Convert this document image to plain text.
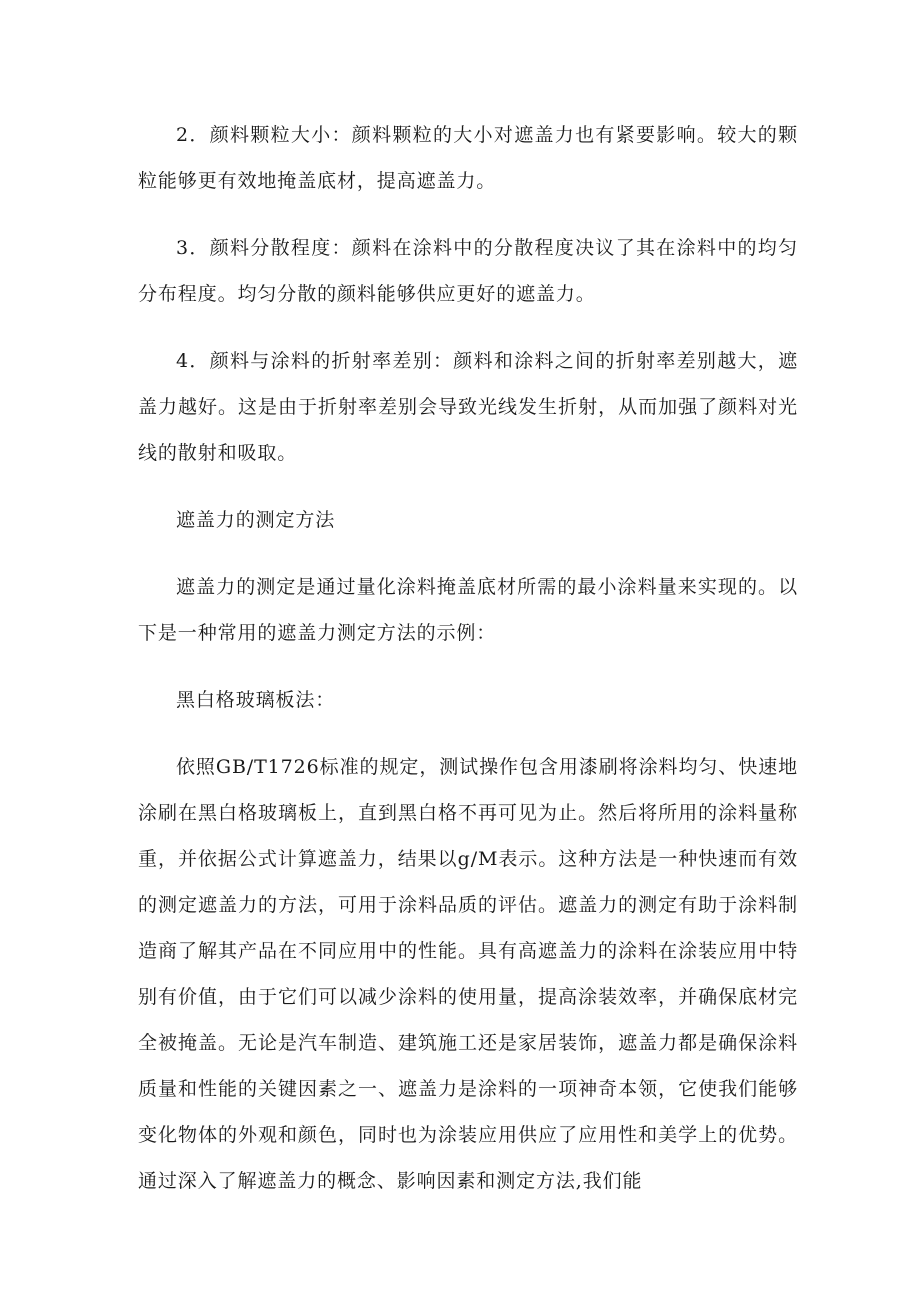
2．颜料颗粒大小：颜料颗粒的大小对遮盖力也有紧要影响。较大的颗粒能够更有效地掩盖底材，提高遮盖力。

3．颜料分散程度：颜料在涂料中的分散程度决议了其在涂料中的均匀分布程度。均匀分散的颜料能够供应更好的遮盖力。

4．颜料与涂料的折射率差别：颜料和涂料之间的折射率差别越大，遮盖力越好。这是由于折射率差别会导致光线发生折射，从而加强了颜料对光线的散射和吸取。

遮盖力的测定方法

遮盖力的测定是通过量化涂料掩盖底材所需的最小涂料量来实现的。以下是一种常用的遮盖力测定方法的示例：

黑白格玻璃板法：

依照GB/T1726标准的规定，测试操作包含用漆刷将涂料均匀、快速地涂刷在黑白格玻璃板上，直到黑白格不再可见为止。然后将所用的涂料量称重，并依据公式计算遮盖力，结果以g/M表示。这种方法是一种快速而有效的测定遮盖力的方法，可用于涂料品质的评估。遮盖力的测定有助于涂料制造商了解其产品在不同应用中的性能。具有高遮盖力的涂料在涂装应用中特别有价值，由于它们可以减少涂料的使用量，提高涂装效率，并确保底材完全被掩盖。无论是汽车制造、建筑施工还是家居装饰，遮盖力都是确保涂料质量和性能的关键因素之一、遮盖力是涂料的一项神奇本领，它使我们能够变化物体的外观和颜色，同时也为涂装应用供应了应用性和美学上的优势。通过深入了解遮盖力的概念、影响因素和测定方法,我们能
